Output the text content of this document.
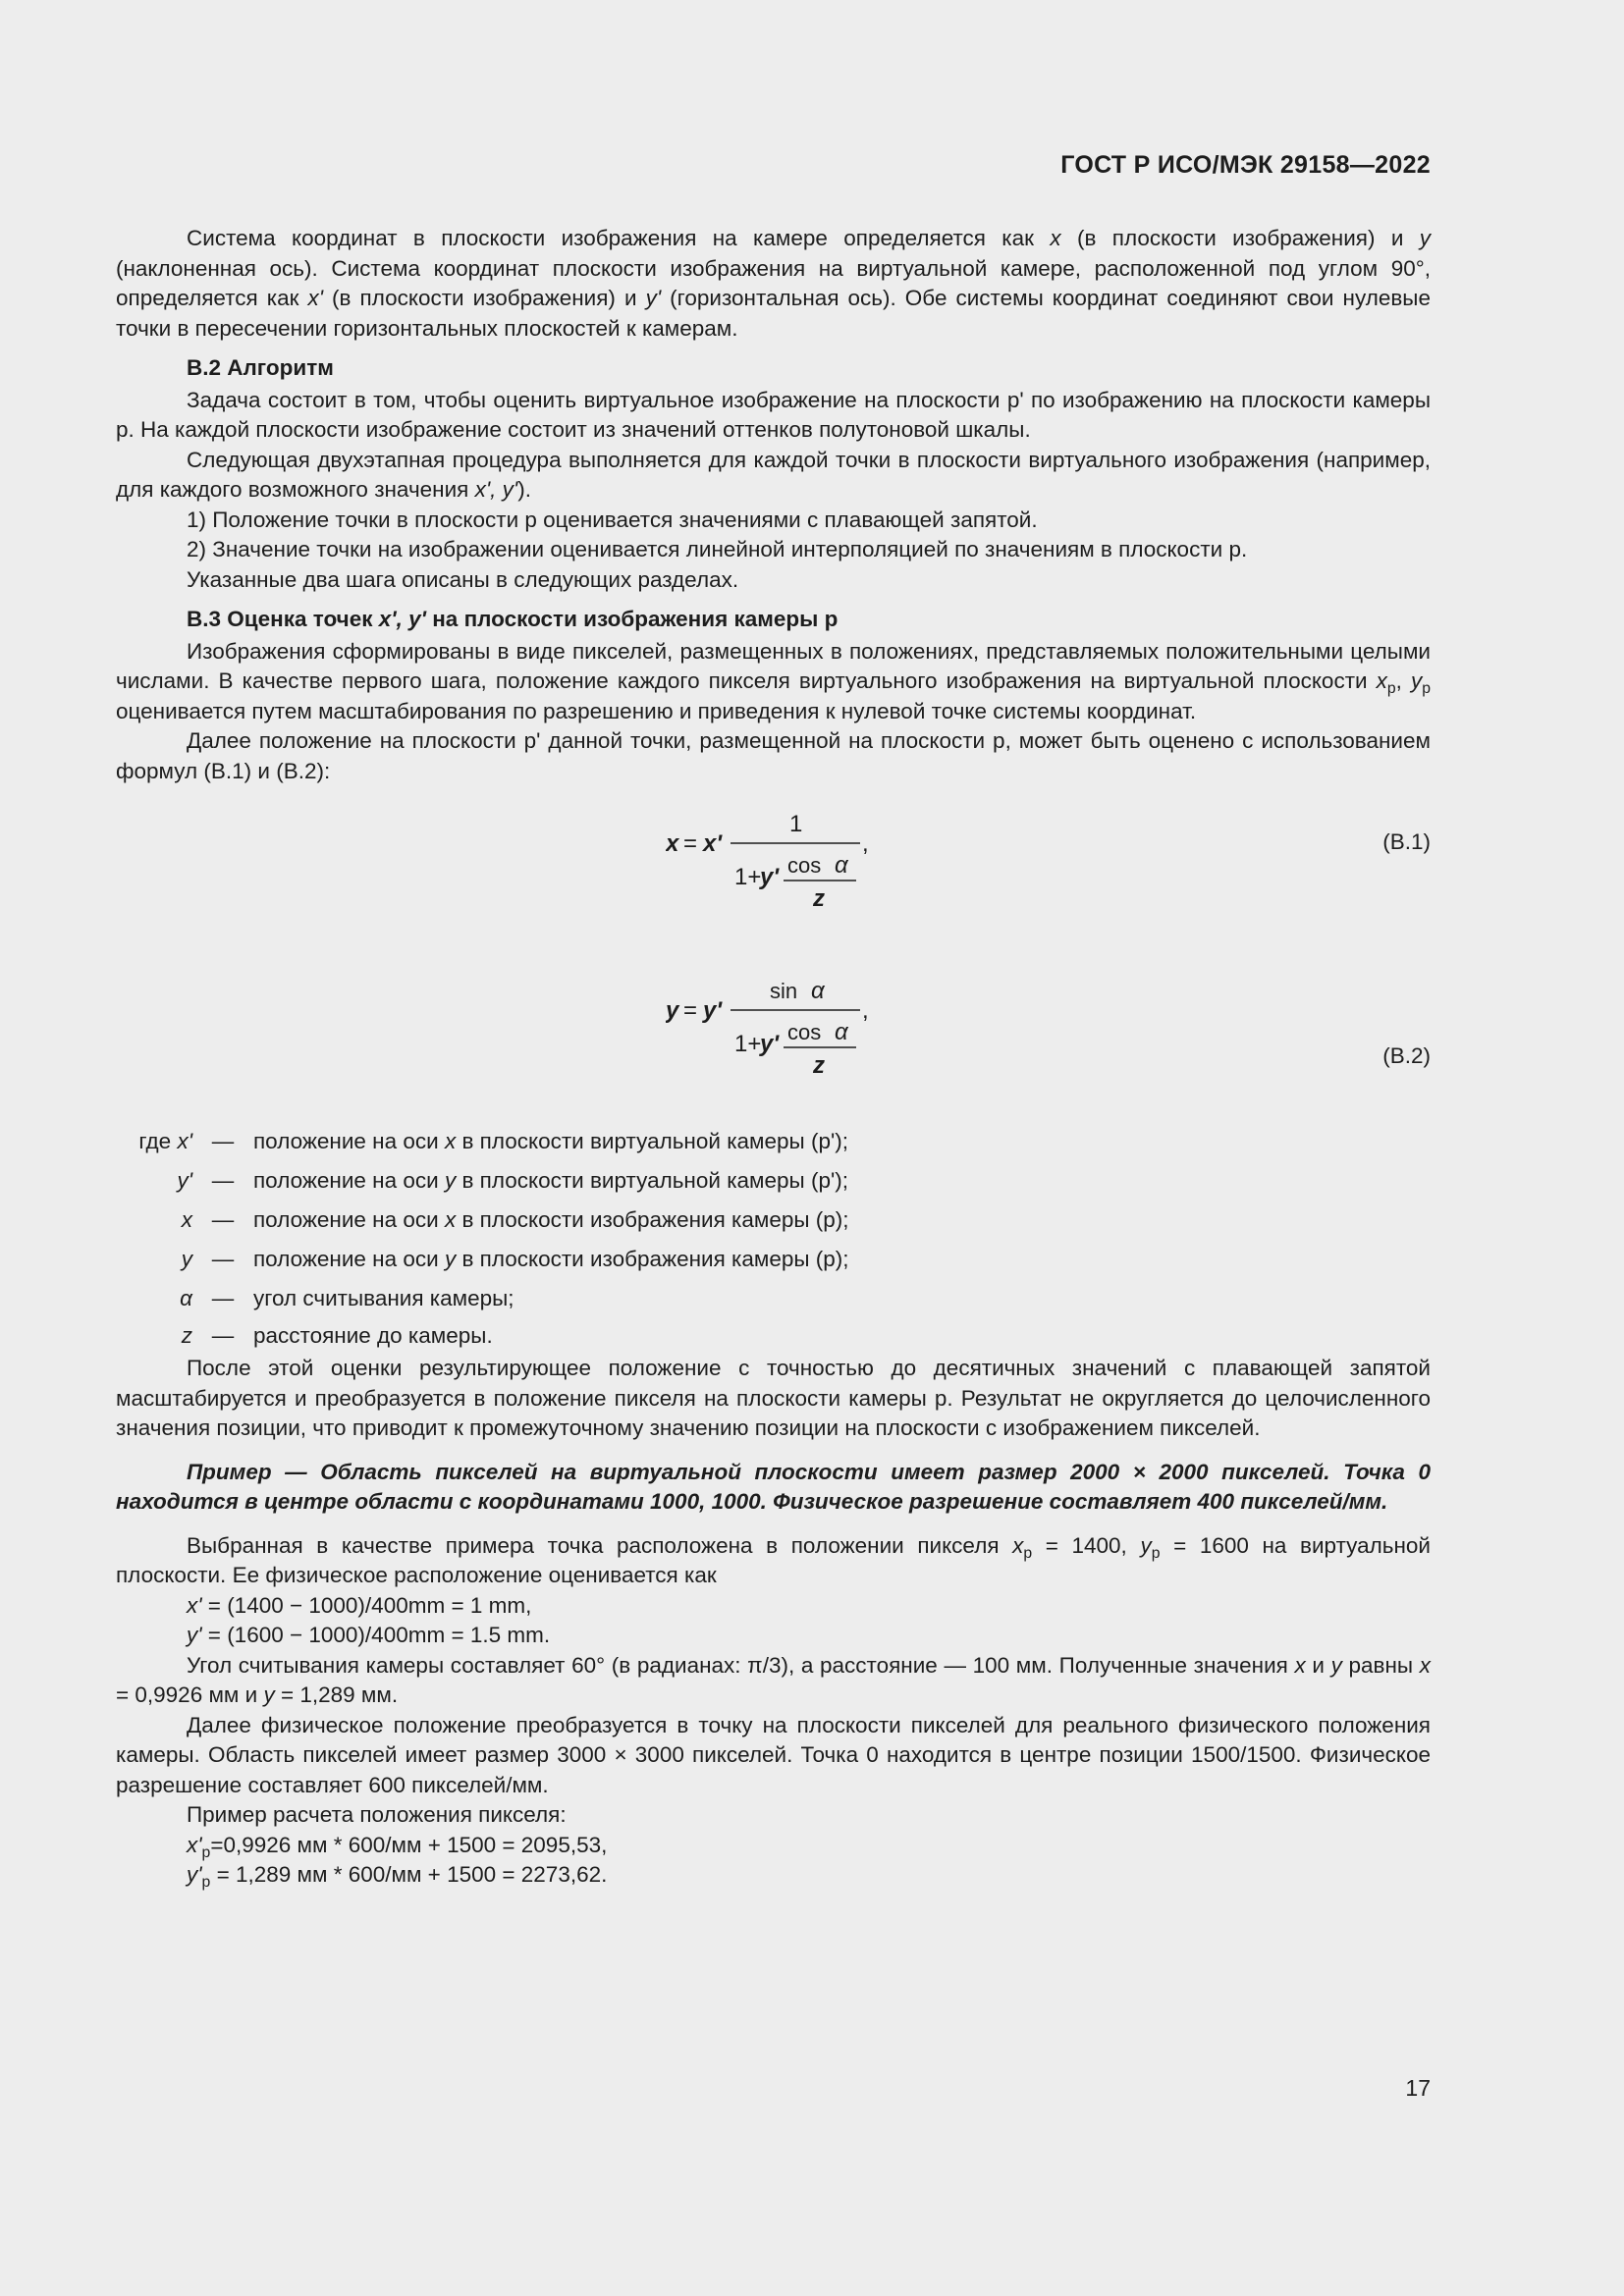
ГОСТ Р ИСО/МЭК 29158—2022

Система координат в плоскости изображения на камере определяется как x (в плоскости изображения) и y (наклоненная ось). Система координат плоскости изображения на виртуальной камере, расположенной под углом 90°, определяется как x' (в плоскости изображения) и y' (горизонтальная ось). Обе системы координат соединяют свои нулевые точки в пересечении горизонтальных плоскостей к камерам.

B.2 Алгоритм

Задача состоит в том, чтобы оценить виртуальное изображение на плоскости p' по изображению на плоскости камеры p. На каждой плоскости изображение состоит из значений оттенков полутоновой шкалы.

Следующая двухэтапная процедура выполняется для каждой точки в плоскости виртуального изображения (например, для каждого возможного значения x', y').

1) Положение точки в плоскости p оценивается значениями с плавающей запятой.
2) Значение точки на изображении оценивается линейной интерполяцией по значениям в плоскости p.
Указанные два шага описаны в следующих разделах.
B.3 Оценка точек x', y' на плоскости изображения камеры p

Изображения сформированы в виде пикселей, размещенных в положениях, представляемых положительными целыми числами. В качестве первого шага, положение каждого пикселя виртуального изображения на виртуальной плоскости $x_p$, $y_p$ оценивается путем масштабирования по разрешению и приведения к нулевой точке системы координат.

Далее положение на плоскости p' данной точки, размещенной на плоскости p, может быть оценено с использованием формул (B.1) и (B.2):

1
cos
x = x'
1+
y' α
z
,	(B.1)
sin α
y = y'
1+
y' cos α
z
,
(B.2)
где x' — положение на оси x в плоскости виртуальной камеры (p');
y' — положение на оси y в плоскости виртуальной камеры (p');
x — положение на оси x в плоскости изображения камеры (p);
y — положение на оси y в плоскости изображения камеры (p);
α — угол считывания камеры;
z — расстояние до камеры.

После этой оценки результирующее положение с точностью до десятичных значений с плавающей запятой масштабируется и преобразуется в положение пикселя на плоскости камеры p. Результат не округляется до целочисленного значения позиции, что приводит к промежуточному значению позиции на плоскости с изображением пикселей.

Пример — Область пикселей на виртуальной плоскости имеет размер 2000 × 2000 пикселей. Точка 0 находится в центре области с координатами 1000, 1000. Физическое разрешение составляет 400 пикселей/мм.

Выбранная в качестве примера точка расположена в положении пикселя $x_p = 1400$, $y_p = 1600$ на виртуальной плоскости. Ее физическое расположение оценивается как

x' = (1400 − 1000)/400mm = 1 mm,
y' = (1600 − 1000)/400mm = 1.5 mm.

Угол считывания камеры составляет 60° (в радианах: π/3), а расстояние — 100 мм. Полученные значения x и y равны x = 0,9926 мм и y = 1,289 мм.

Далее физическое положение преобразуется в точку на плоскости пикселей для реального физического положения камеры. Область пикселей имеет размер 3000 × 3000 пикселей. Точка 0 находится в центре позиции 1500/1500. Физическое разрешение составляет 600 пикселей/мм.

Пример расчета положения пикселя:
$x'_p=0,9926$ мм * 600/мм + 1500 = 2095,53,
$y'_p = 1,289$ мм * 600/мм + 1500 = 2273,62.
17
